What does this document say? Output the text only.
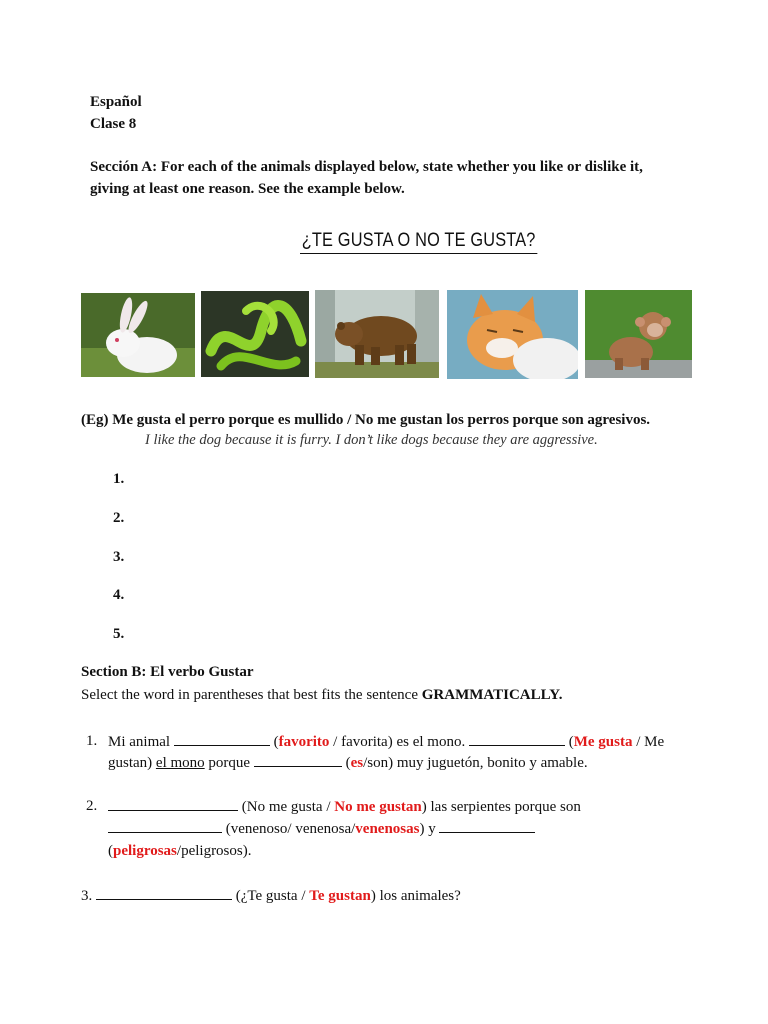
Español
Clase 8
Sección A: For each of the animals displayed below, state whether you like or dislike it,
giving at least one reason. See the example below.
¿TE GUSTA O NO TE GUSTA?
(Eg) Me gusta el perro porque es mullido / No me gustan los perros porque son agresivos.
I like the dog because it is furry. I don’t like dogs because they are aggressive.
1.
2.
3.
4.
5.
Section B: El verbo Gustar
Select the word in parentheses that best fits the sentence GRAMMATICALLY.
1. Mi animal	(favorito / favorita) es el mono.	(Me gusta / Me
gustan) el mono porque	(es/son) muy juguetón, bonito y amable.
2.	(No me gusta / No me gustan) las serpientes porque son
(venenoso/ venenosa/venenosas) y
(peligrosas/peligrosos).
3.	(¿Te gusta / Te gustan) los animales?
